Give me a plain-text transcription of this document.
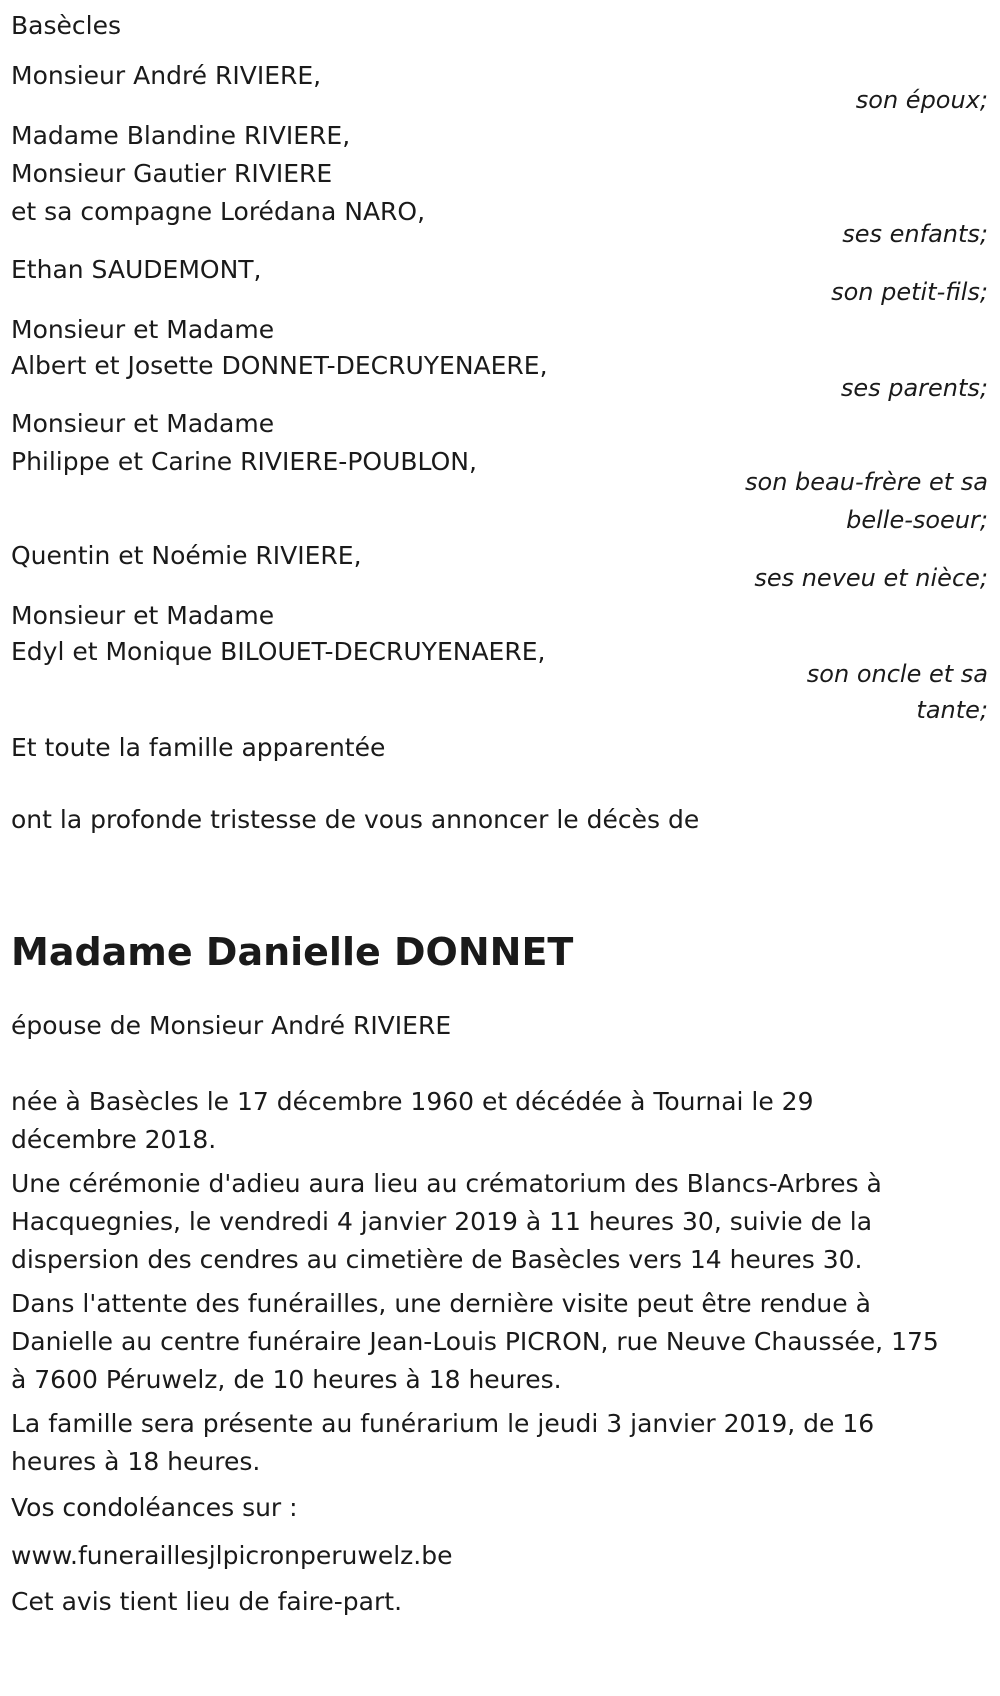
Basècles
Monsieur André RIVIERE,
son époux;
Madame Blandine RIVIERE,
Monsieur Gautier RIVIERE
et sa compagne Lorédana NARO,
ses enfants;
Ethan SAUDEMONT,
son petit-fils;
Monsieur et Madame
Albert et Josette DONNET-DECRUYENAERE,
ses parents;
Monsieur et Madame
Philippe et Carine RIVIERE-POUBLON,
son beau-frère et sa
belle-soeur;
Quentin et Noémie RIVIERE,
ses neveu et nièce;
Monsieur et Madame
Edyl et Monique BILOUET-DECRUYENAERE,
son oncle et sa
tante;
Et toute la famille apparentée
ont la profonde tristesse de vous annoncer le décès de
Madame Danielle DONNET
épouse de Monsieur André RIVIERE
née à Basècles le 17 décembre 1960 et décédée à Tournai le 29
décembre 2018.
Une cérémonie d'adieu aura lieu au crématorium des Blancs-Arbres à
Hacquegnies, le vendredi 4 janvier 2019 à 11 heures 30, suivie de la
dispersion des cendres au cimetière de Basècles vers 14 heures 30.
Dans l'attente des funérailles, une dernière visite peut être rendue à
Danielle au centre funéraire Jean-Louis PICRON, rue Neuve Chaussée, 175
à 7600 Péruwelz, de 10 heures à 18 heures.
La famille sera présente au funérarium le jeudi 3 janvier 2019, de 16
heures à 18 heures.
Vos condoléances sur :
www.funeraillesjlpicronperuwelz.be
Cet avis tient lieu de faire-part.
